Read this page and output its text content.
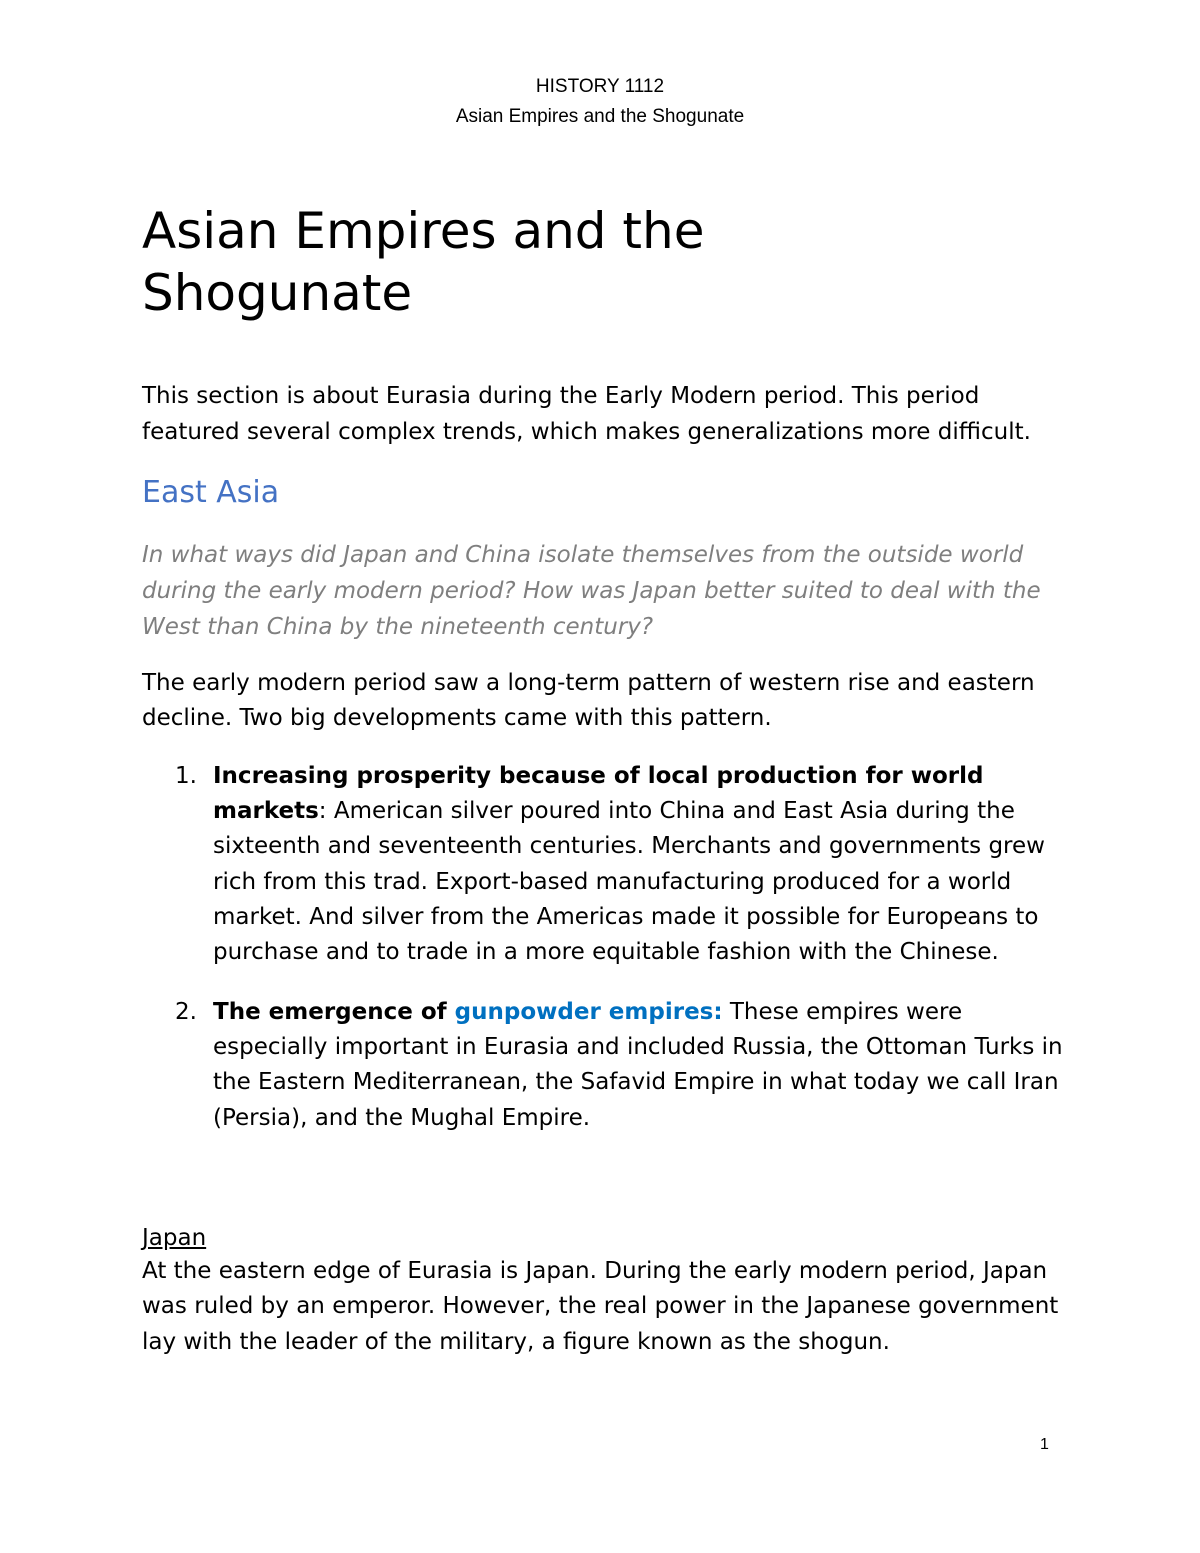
HISTORY 1112
Asian Empires and the Shogunate
Asian Empires and the
Shogunate

This section is about Eurasia during the Early Modern period. This period featured several complex trends, which makes generalizations more difficult.

East Asia

In what ways did Japan and China isolate themselves from the outside world during the early modern period? How was Japan better suited to deal with the West than China by the nineteenth century?

The early modern period saw a long-term pattern of western rise and eastern decline. Two big developments came with this pattern.

1. Increasing prosperity because of local production for world markets: American silver poured into China and East Asia during the sixteenth and seventeenth centuries. Merchants and governments grew rich from this trad. Export-based manufacturing produced for a world market. And silver from the Americas made it possible for Europeans to purchase and to trade in a more equitable fashion with the Chinese.
2. The emergence of gunpowder empires: These empires were especially important in Eurasia and included Russia, the Ottoman Turks in the Eastern Mediterranean, the Safavid Empire in what today we call Iran (Persia), and the Mughal Empire.
Japan

At the eastern edge of Eurasia is Japan. During the early modern period, Japan was ruled by an emperor. However, the real power in the Japanese government lay with the leader of the military, a figure known as the shogun.

1
